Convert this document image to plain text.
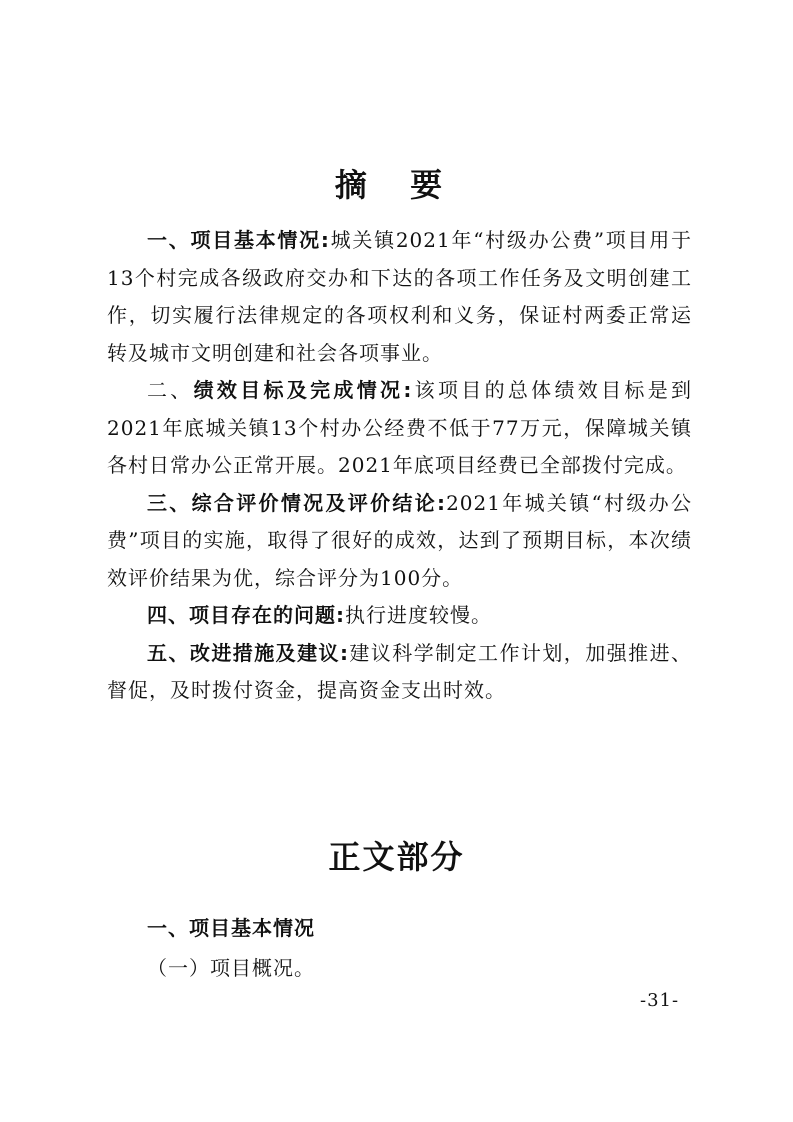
摘 要

一、项目基本情况:城关镇2021年“村级办公费”项目用于13个村完成各级政府交办和下达的各项工作任务及文明创建工作，切实履行法律规定的各项权利和义务，保证村两委正常运转及城市文明创建和社会各项事业。

二、绩效目标及完成情况:该项目的总体绩效目标是到2021年底城关镇13个村办公经费不低于77万元，保障城关镇各村日常办公正常开展。2021年底项目经费已全部拨付完成。

三、综合评价情况及评价结论:2021年城关镇“村级办公费”项目的实施，取得了很好的成效，达到了预期目标，本次绩效评价结果为优，综合评分为100分。

四、项目存在的问题:执行进度较慢。

五、改进措施及建议:建议科学制定工作计划，加强推进、督促，及时拨付资金，提高资金支出时效。

正文部分
一、项目基本情况
（一）项目概况。
-31-
